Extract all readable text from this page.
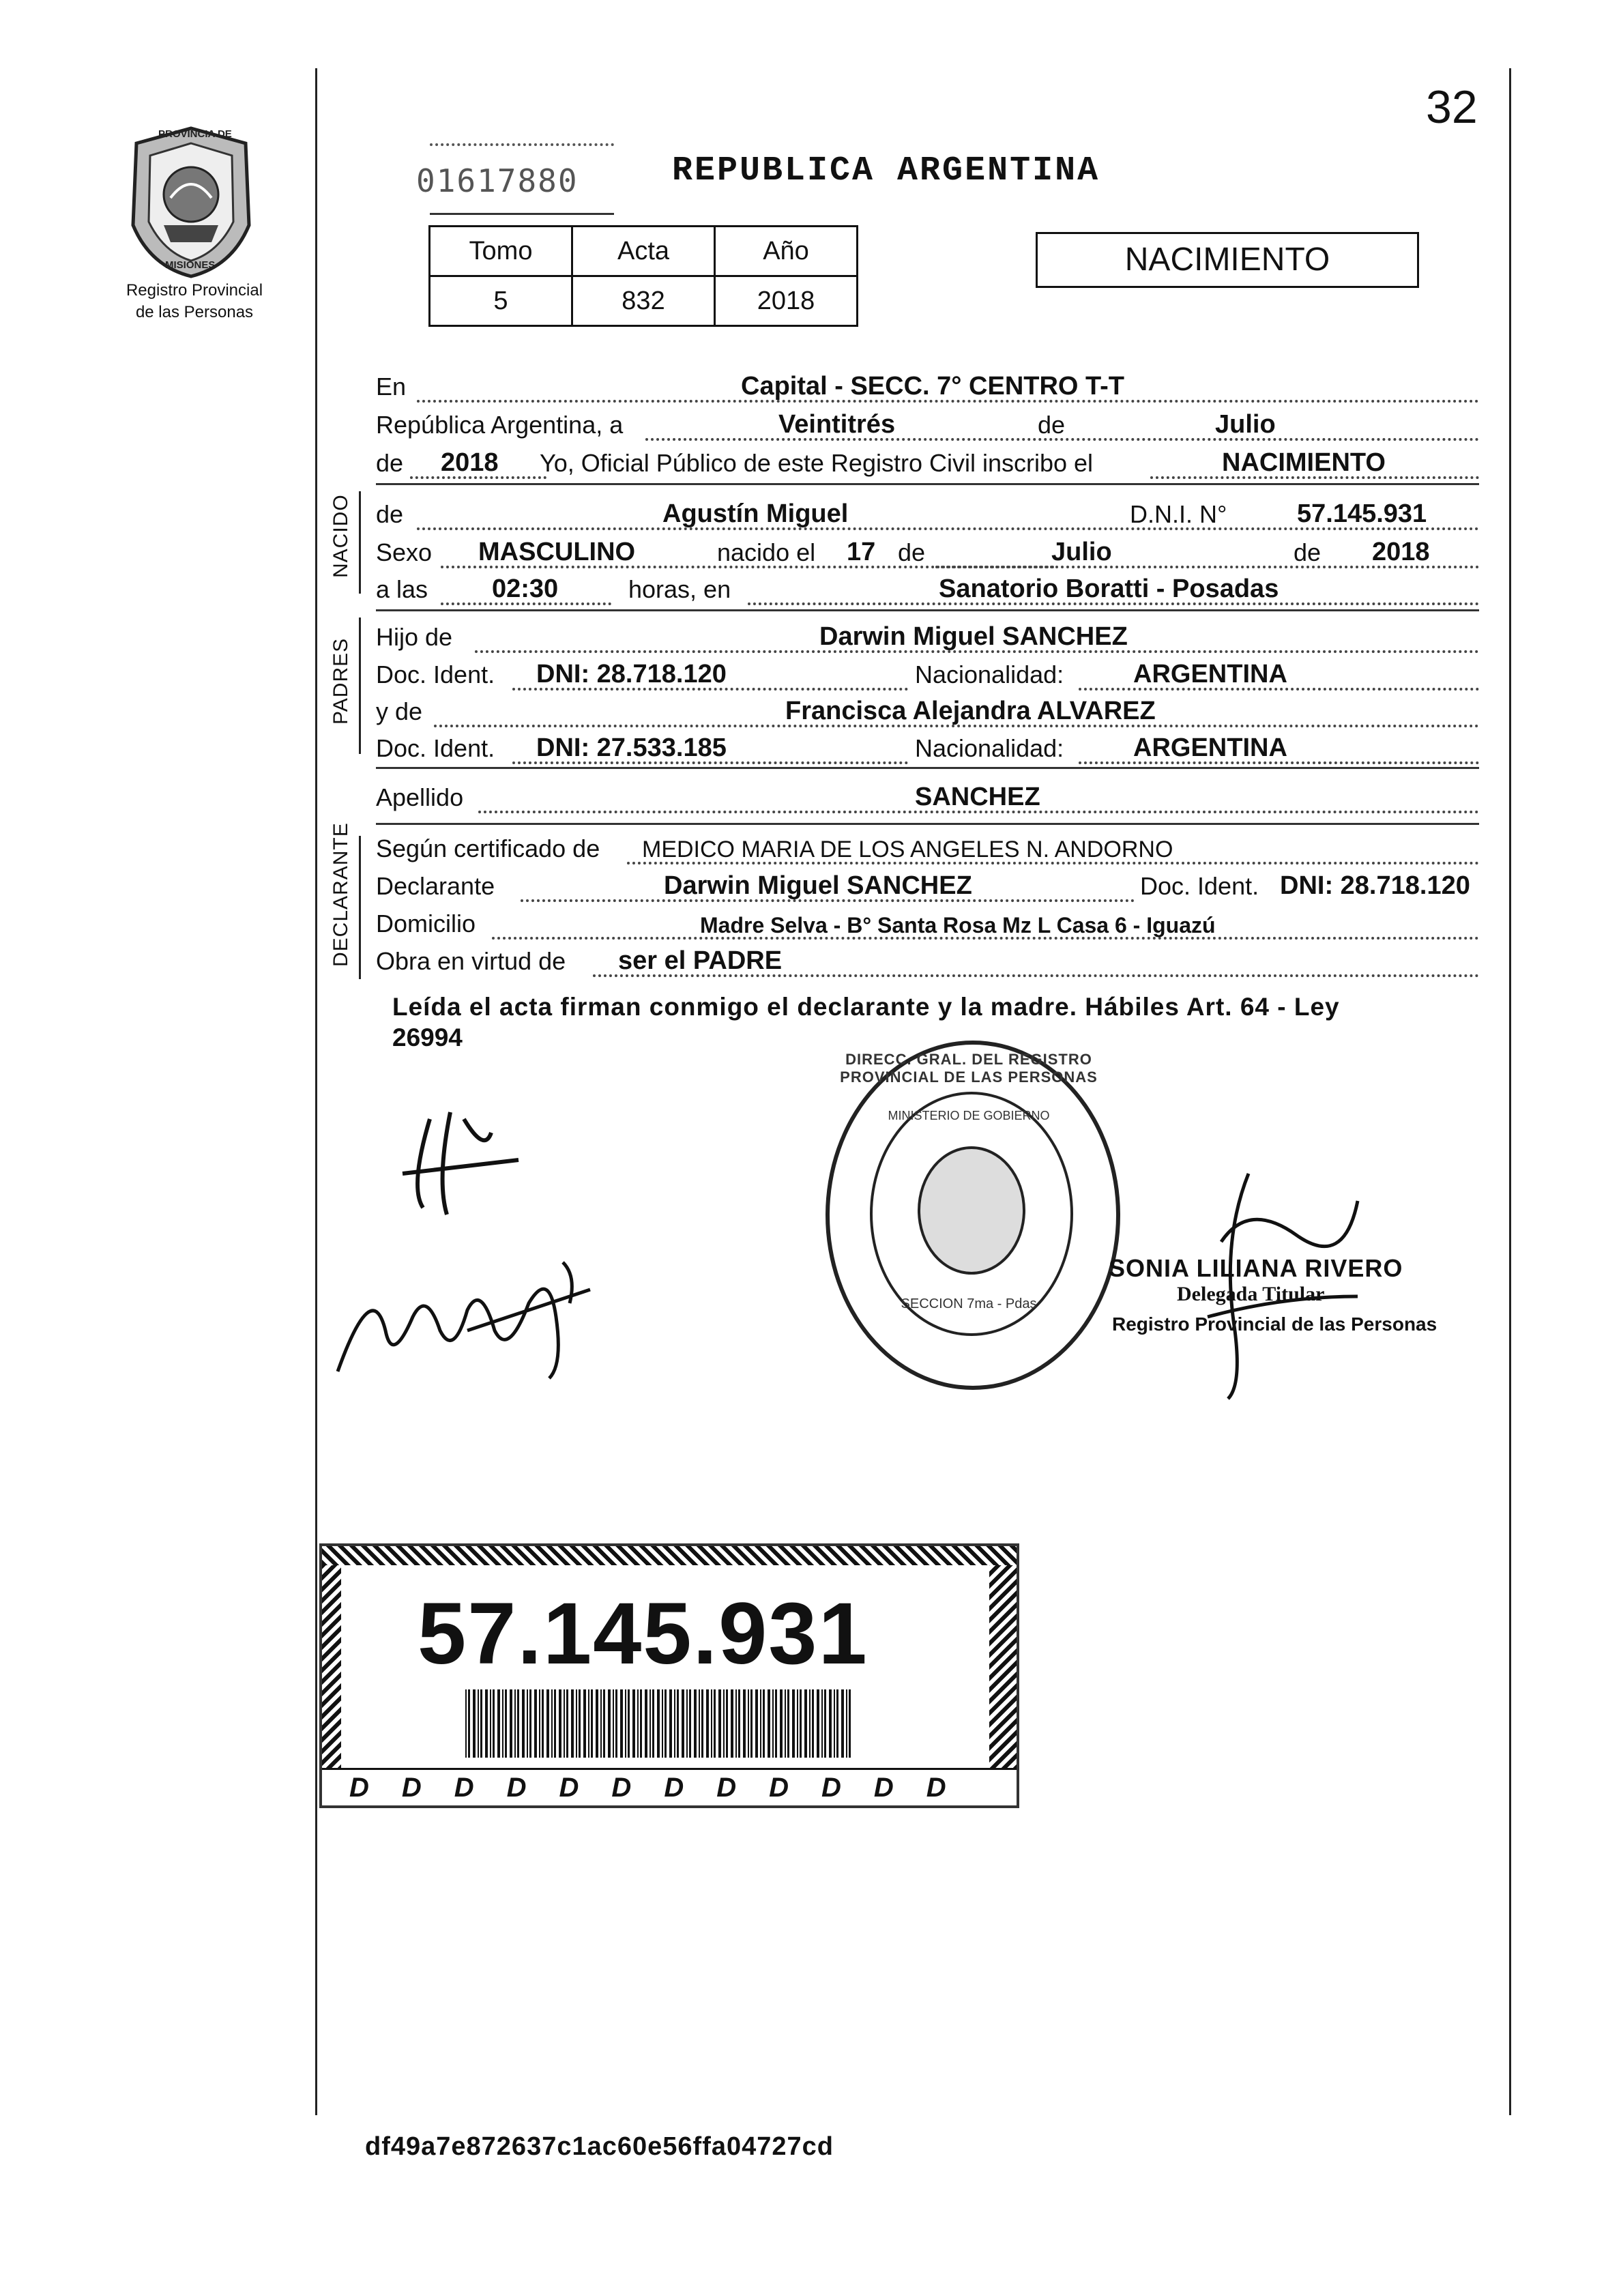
32
PROVINCIA DE
MISIONES
Registro Provincial
de las Personas
01617880	REPUBLICA ARGENTINA
Tomo	Acta	Año
5	832	2018
NACIMIENTO
NACIDO
PADRES
DECLARANTE
En	Capital - SECC. 7° CENTRO T-T
República Argentina, a	Veintitrés	de	Julio
de 2018 Yo, Oficial Público de este Registro Civil inscribo el	NACIMIENTO
de	Agustín Miguel	D.N.I. N°	57.145.931
Sexo MASCULINO	nacido el 17 de	Julio	de 2018
a las 02:30	horas, en	Sanatorio Boratti - Posadas
Hijo de	Darwin Miguel SANCHEZ
Doc. Ident. DNI: 28.718.120	Nacionalidad:	ARGENTINA
y de	Francisca Alejandra ALVAREZ
Doc. Ident. DNI: 27.533.185	Nacionalidad:	ARGENTINA
Apellido	SANCHEZ
Según certificado de MEDICO MARIA DE LOS ANGELES N. ANDORNO
Declarante	Darwin Miguel SANCHEZ	Doc. Ident. DNI: 28.718.120
Domicilio	Madre Selva - B° Santa Rosa Mz L Casa 6 - Iguazú
Obra en virtud de ser el PADRE
Leída el acta firman conmigo el declarante y la madre. Hábiles Art. 64 - Ley
26994
DIRECC. GRAL. DEL REGISTRO PROVINCIAL DE LAS PERSONAS
MINISTERIO DE GOBIERNO
SECCION 7ma - Pdas
SONIA LILIANA RIVERO
Delegada Titular
Registro Provincial de las Personas
DDDDDDDDDDDD
57.145.931
df49a7e872637c1ac60e56ffa04727cd
